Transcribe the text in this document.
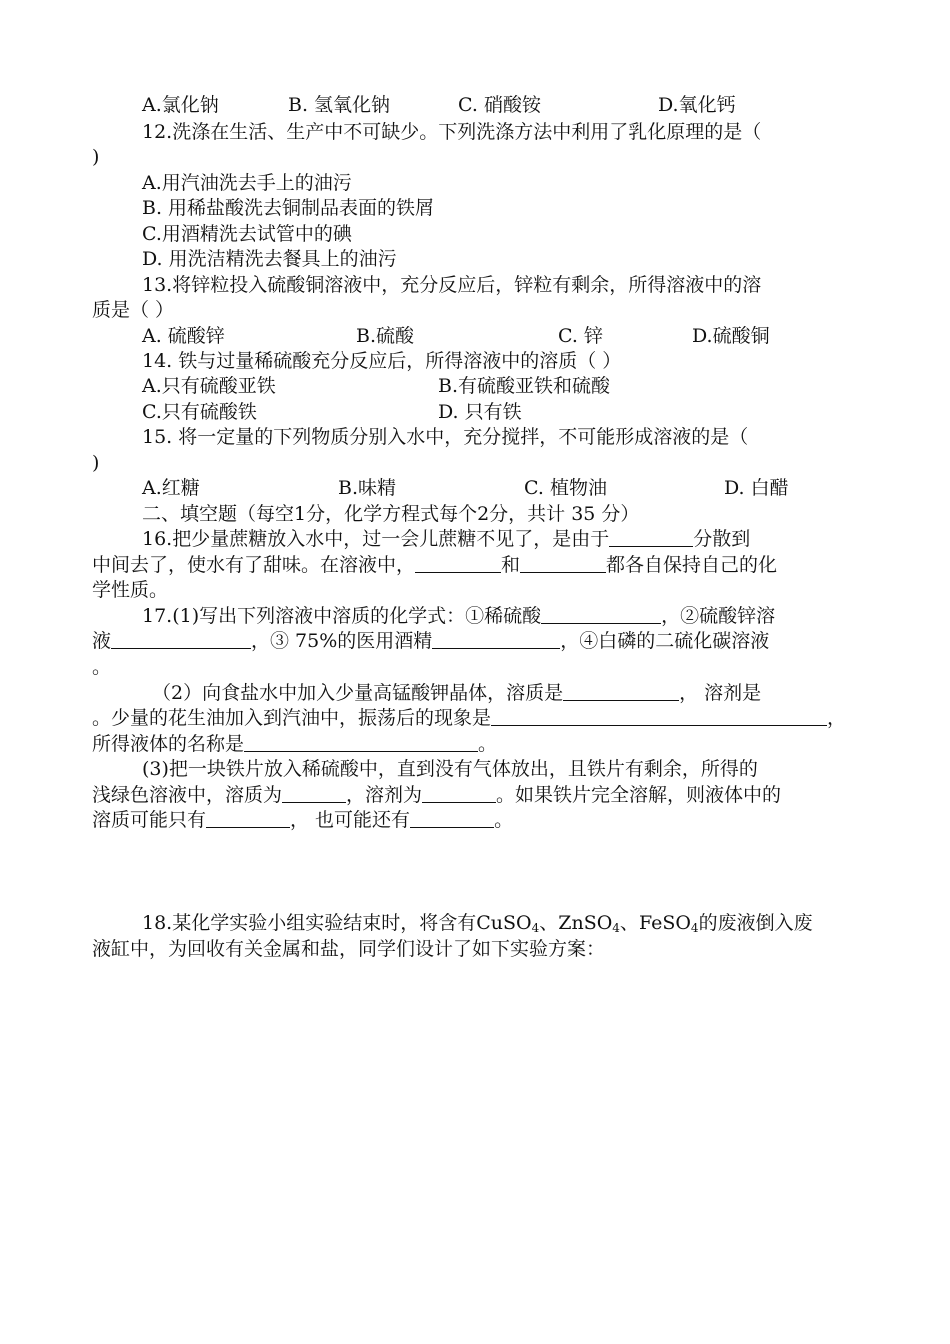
A.氯化钠	B. 氢氧化钠	C. 硝酸铵	D.氧化钙
12.洗涤在生活、生产中不可缺少。下列洗涤方法中利用了乳化原理的是（
)
A.用汽油洗去手上的油污
B. 用稀盐酸洗去铜制品表面的铁屑
C.用酒精洗去试管中的碘
D. 用洗洁精洗去餐具上的油污
13.将锌粒投入硫酸铜溶液中，充分反应后，锌粒有剩余，所得溶液中的溶
质是（ ）
A. 硫酸锌	B.硫酸	C. 锌	D.硫酸铜
14. 铁与过量稀硫酸充分反应后，所得溶液中的溶质（ ）
A.只有硫酸亚铁	B.有硫酸亚铁和硫酸
C.只有硫酸铁	D. 只有铁
15. 将一定量的下列物质分别入水中，充分搅拌，不可能形成溶液的是（
)
A.红糖	B.味精	C. 植物油	D. 白醋
二、填空题（每空1分，化学方程式每个2分，共计 35 分）
16.把少量蔗糖放入水中，过一会儿蔗糖不见了，是由于	分散到
中间去了，使水有了甜味。在溶液中，	和	都各自保持自己的化
学性质。
17.(1)写出下列溶液中溶质的化学式：①稀硫酸	，②硫酸锌溶
液	，③ 75%的医用酒精	，④白磷的二硫化碳溶液
。
（2）向食盐水中加入少量高锰酸钾晶体，溶质是	， 溶剂是
。少量的花生油加入到汽油中，振荡后的现象是	，
所得液体的名称是	。
(3)把一块铁片放入稀硫酸中，直到没有气体放出，且铁片有剩余，所得的
浅绿色溶液中，溶质为	，溶剂为	。如果铁片完全溶解，则液体中的
溶质可能只有	， 也可能还有	。
18.某化学实验小组实验结束时，将含有CuSO$_4$、ZnSO$_4$、FeSO$_4$的废液倒入废
液缸中，为回收有关金属和盐，同学们设计了如下实验方案：
